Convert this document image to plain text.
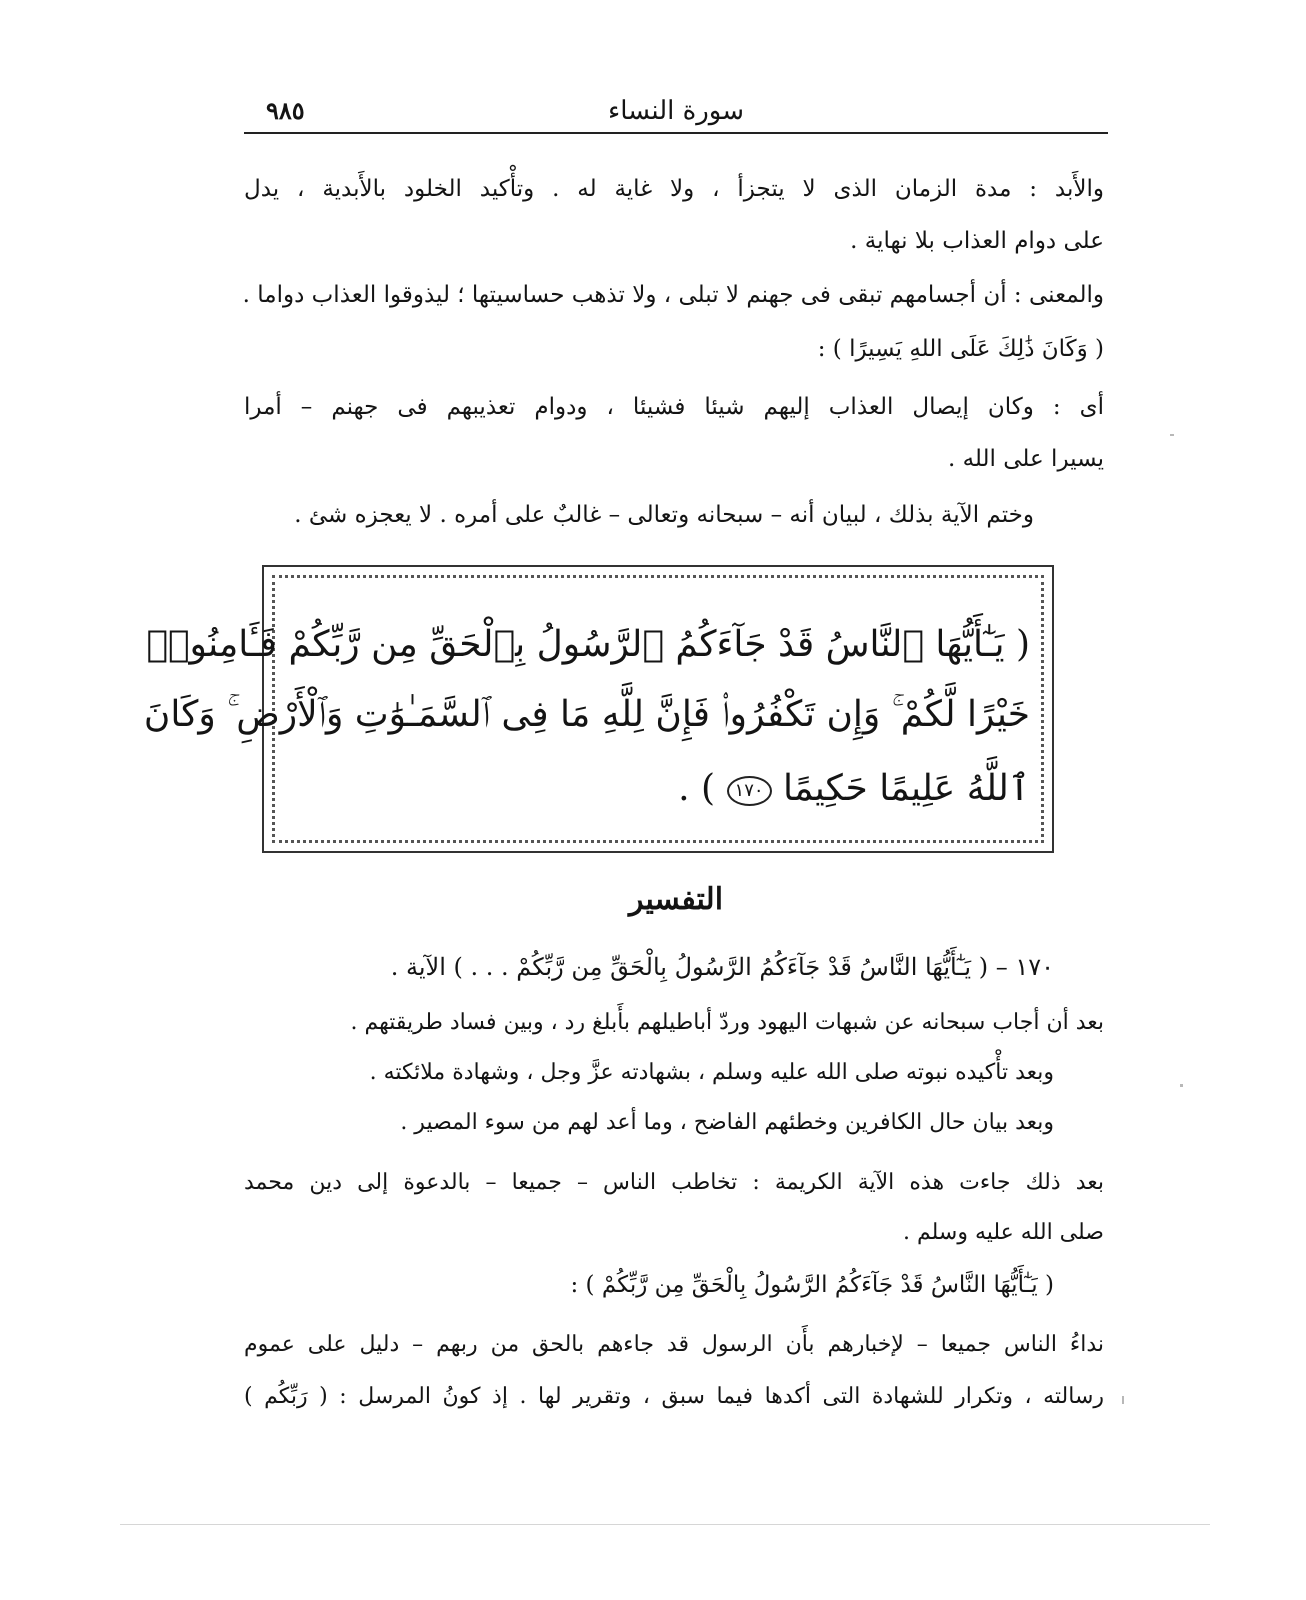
٩٨٥	سورة النساء
والأَبد : مدة الزمان الذى لا يتجزأ ، ولا غاية له . وتأْكيد الخلود بالأَبدية ، يدل
على دوام العذاب بلا نهاية .
والمعنى : أن أجسامهم تبقى فى جهنم لا تبلى ، ولا تذهب حساسيتها ؛ ليذوقوا العذاب دواما .
( وَكَانَ ذَٰلِكَ عَلَى اللهِ يَسِيرًا ) :
أى : وكان إيصال العذاب إليهم شيئا فشيئا ، ودوام تعذيبهم فى جهنم – أمرا
يسيرا على الله .
وختم الآية بذلك ، لبيان أنه – سبحانه وتعالى – غالبٌ على أمره . لا يعجزه شئ .
( يَـٰٓأَيُّهَا ٱلنَّاسُ قَدْ جَآءَكُمُ ٱلرَّسُولُ بِٱلْحَقِّ مِن رَّبِّكُمْ فَـَٔامِنُوا۟
خَيْرًا لَّكُمْ ۚ وَإِن تَكْفُرُوا۟ فَإِنَّ لِلَّهِ مَا فِى ٱلسَّمَـٰوَٰتِ وَٱلْأَرْضِ ۚ وَكَانَ
ٱللَّهُ عَلِيمًا حَكِيمًا ١٧٠ ) .
التفسير
١٧٠ – ( يَـٰٓأَيُّهَا النَّاسُ قَدْ جَآءَكُمُ الرَّسُولُ بِالْحَقِّ مِن رَّبِّكُمْ . . . ) الآية .
بعد أن أجاب سبحانه عن شبهات اليهود وردّ أباطيلهم بأَبلغ رد ، وبين فساد طريقتهم .
وبعد تأْكيده نبوته صلى الله عليه وسلم ، بشهادته عزَّ وجل ، وشهادة ملائكته .
وبعد بيان حال الكافرين وخطئهم الفاضح ، وما أعد لهم من سوء المصير .
بعد ذلك جاءت هذه الآية الكريمة : تخاطب الناس – جميعا – بالدعوة إلى دين محمد
صلى الله عليه وسلم .
( يَـٰٓأَيُّهَا النَّاسُ قَدْ جَآءَكُمُ الرَّسُولُ بِالْحَقِّ مِن رَّبِّكُمْ ) :
نداءُ الناس جميعا – لإخبارهم بأَن الرسول قد جاءهم بالحق من ربهم – دليل على عموم
رسالته ، وتكرار للشهادة التى أكدها فيما سبق ، وتقرير لها . إذ كونُ المرسل : ( رَبِّكُم )
